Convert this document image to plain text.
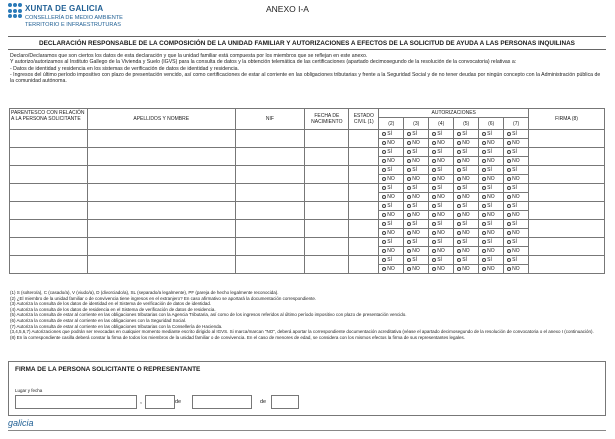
XUNTA DE GALICIA
CONSELLERÍA DE MEDIO AMBIENTE
TERRITORIO E INFRAESTRUTURAS
ANEXO I-A
DECLARACIÓN RESPONSABLE DE LA COMPOSICIÓN DE LA UNIDAD FAMILIAR Y AUTORIZACIONES A EFECTOS DE LA SOLICITUD DE AYUDA A LAS PERSONAS INQUILINAS

Declaro/Declaramos que son ciertos los datos de esta declaración y que la unidad familiar está compuesta por los miembros que se reflejan en este anexo.

Y autorizo/autorizamos al Instituto Gallego de la Vivienda y Suelo (IGVS) para la consulta de datos y la obtención telemática de las certificaciones (apartado decimosegundo de la resolución de la convocatoria) relativas a:

- Datos de identidad y residencia en los sistemas de verificación de datos de identidad y residencia.

- Ingresos del último período impositivo con plazo de presentación vencido, así como certificaciones de estar al corriente en las obligaciones tributarias y frente a la Seguridad Social y de no tener deudas por ningún concepto con la Administración pública de la comunidad autónoma.

PARENTESCO CON RELACIÓN A LA PERSONA SOLICITANTE	APELLIDOS Y NOMBRE	NIF	FECHA DE NACIMIENTO	ESTADO CIVIL (1)	AUTORIZACIONES						FIRMA (8)
					(2)	(3)	(4)	(5)	(6)	(7)	
					SÍ	SÍ	SÍ	SÍ	SÍ	SÍ	
					NO	NO	NO	NO	NO	NO	
					SÍ	SÍ	SÍ	SÍ	SÍ	SÍ	
					NO	NO	NO	NO	NO	NO	
					SÍ	SÍ	SÍ	SÍ	SÍ	SÍ	
					NO	NO	NO	NO	NO	NO	
					SÍ	SÍ	SÍ	SÍ	SÍ	SÍ	
					NO	NO	NO	NO	NO	NO	
					SÍ	SÍ	SÍ	SÍ	SÍ	SÍ	
					NO	NO	NO	NO	NO	NO	
					SÍ	SÍ	SÍ	SÍ	SÍ	SÍ	
					NO	NO	NO	NO	NO	NO	
					SÍ	SÍ	SÍ	SÍ	SÍ	SÍ	
					NO	NO	NO	NO	NO	NO	
					SÍ	SÍ	SÍ	SÍ	SÍ	SÍ	
					NO	NO	NO	NO	NO	NO	
(1) S (soltero/a), C (casado/a), V (viudo/a), D (divorciado/a), SL (separado/a legalmente), PF (pareja de hecho legalmente reconocida).
(2) ¿El miembro de la unidad familiar o de convivencia tiene ingresos en el extranjero? En caso afirmativo se aportará la documentación correspondiente.
(3) Autoriza la consulta de los datos de identidad en el Sistema de verificación de datos de identidad.
(4) Autoriza la consulta de los datos de residencia en el Sistema de verificación de datos de residencia.
(5) Autoriza la consulta de estar al corriente en las obligaciones tributarias con la Agencia Tributaria, así como de los ingresos referidos al último período impositivo con plazo de presentación vencido.
(6) Autoriza la consulta de estar al corriente en las obligaciones con la Seguridad Social.
(7) Autoriza la consulta de estar al corriente en las obligaciones tributarias con la Consellería de Hacienda.
(3,4,5,6,7) Autorizaciones que podrán ser revocadas en cualquier momento mediante escrito dirigido al IGVS. Si marca/marcan "NO", deberá aportar la correspondiente documentación acreditativa (véase el apartado decimosegundo de la resolución de convocatoria o el anexo I (continuación).
(8) En la correspondiente casilla deberá constar la firma de todos los miembros de la unidad familiar o de convivencia. En el caso de menores de edad, se considera con los mismos efectos la firma de sus representantes legales.
FIRMA DE LA PERSONA SOLICITANTE O REPRESENTANTE
Lugar y fecha
,	de	de
galicia
